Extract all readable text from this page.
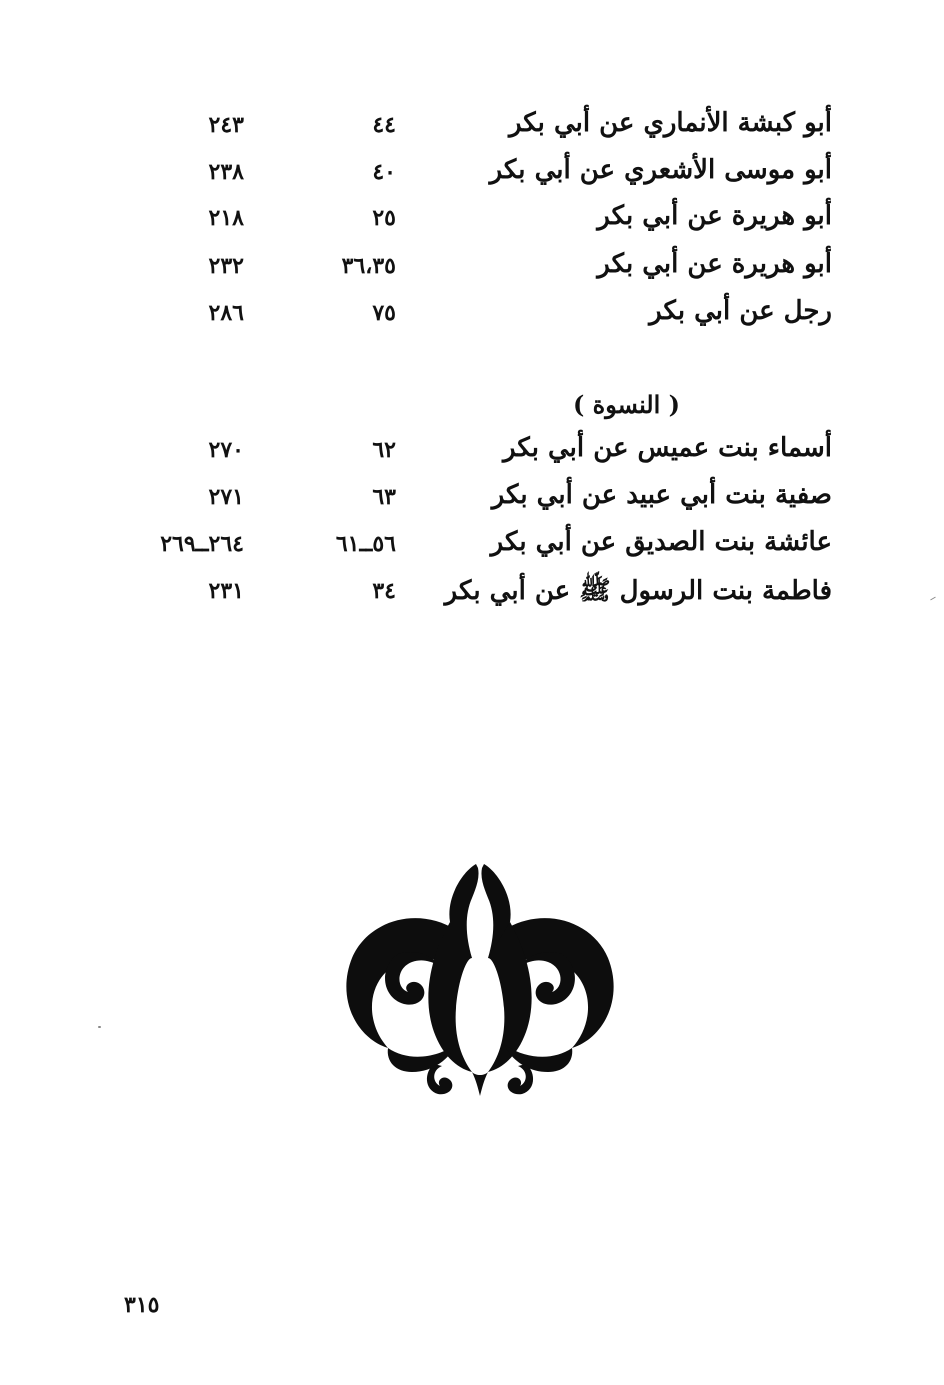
أبو كبشة الأنماري عن أبي بكر
٤٤
٢٤٣
أبو موسى الأشعري عن أبي بكر
٤٠
٢٣٨
أبو هريرة عن أبي بكر
٢٥
٢١٨
أبو هريرة عن أبي بكر
٣٦،٣٥
٢٣٢
رجل عن أبي بكر
٧٥
٢٨٦
( النسوة )
أسماء بنت عميس عن أبي بكر
٦٢
٢٧٠
صفية بنت أبي عبيد عن أبي بكر
٦٣
٢٧١
عائشة بنت الصديق عن أبي بكر
٥٦ــ٦١
٢٦٤ــ٢٦٩
فاطمة بنت الرسول ﷺ عن أبي بكر
٣٤
٢٣١
٣١٥
